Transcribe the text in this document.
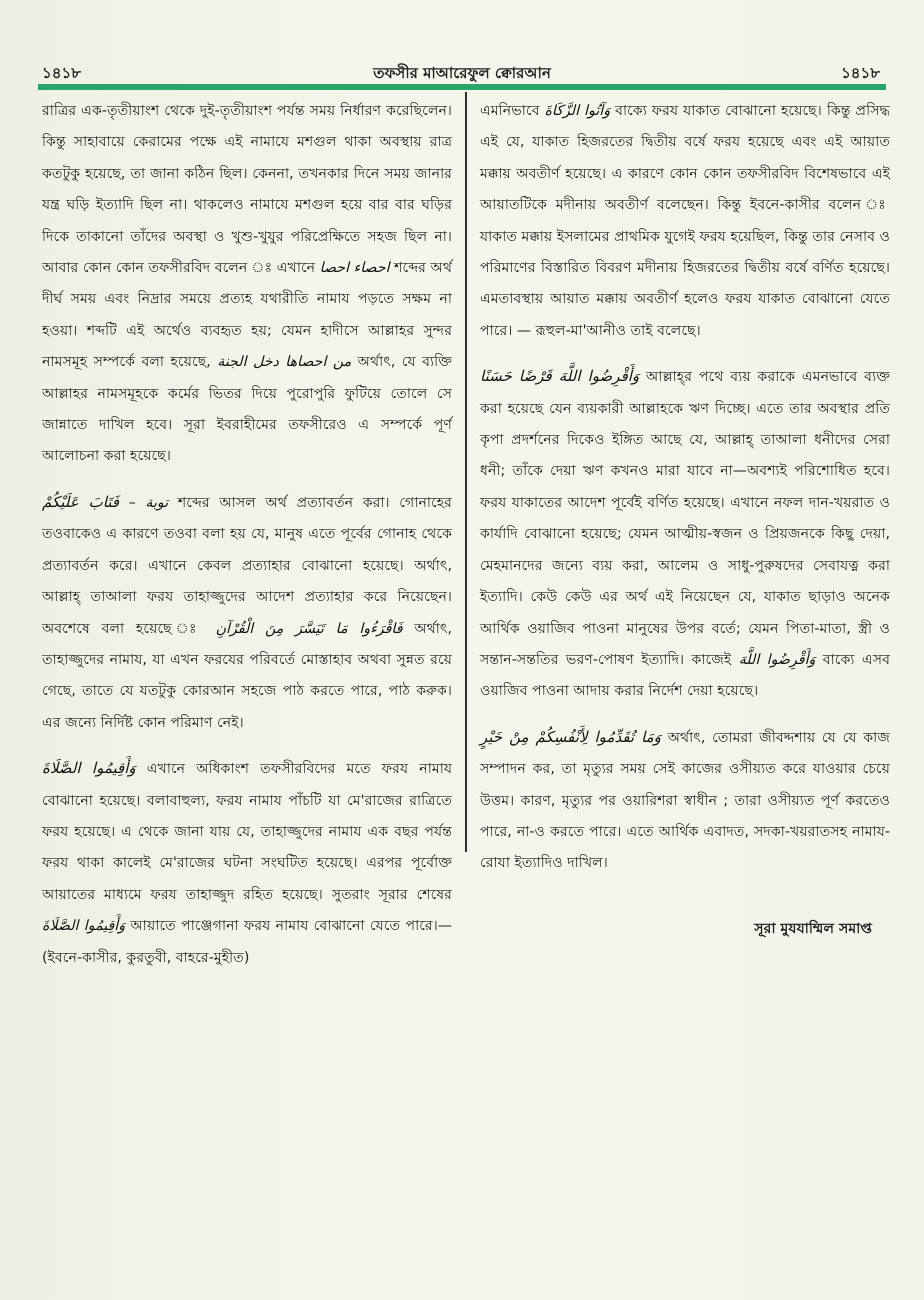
১৪১৮	তফসীর মাআরেফুল ক্বোরআন	১৪১৮

রাত্রির এক-তৃতীয়াংশ থেকে দুই-তৃতীয়াংশ পর্যন্ত সময় নির্ধারণ করেছিলেন। কিন্তু সাহাবায়ে কেরামের পক্ষে এই নামাযে মশগুল থাকা অবস্থায় রাত্র কতটুকু হয়েছে, তা জানা কঠিন ছিল। কেননা, তখনকার দিনে সময় জানার যন্ত্র ঘড়ি ইত্যাদি ছিল না। থাকলেও নামাযে মশগুল হয়ে বার বার ঘড়ির দিকে তাকানো তাঁদের অবস্থা ও খুশু-খুযুর পরিপ্রেক্ষিতে সহজ ছিল না। আবার কোন কোন তফসীরবিদ বলেন ঃ এখানে احصاء احصا শব্দের অর্থ দীর্ঘ সময় এবং নিদ্রার সময়ে প্রত্যহ যথারীতি নামায পড়তে সক্ষম না হওয়া। শব্দটি এই অর্থেও ব্যবহৃত হয়; যেমন হাদীসে আল্লাহর সুন্দর নামসমূহ সম্পর্কে বলা হয়েছে, من احصاها دخل الجنة অর্থাৎ, যে ব্যক্তি আল্লাহর নামসমূহকে কর্মের ভিতর দিয়ে পুরোপুরি ফুটিয়ে তোলে সে জান্নাতে দাখিল হবে। সূরা ইবরাহীমের তফসীরেও এ সম্পর্কে পূর্ণ আলোচনা করা হয়েছে।

فَتَابَ عَلَيْكُمْ – توبة শব্দের আসল অর্থ প্রত্যাবর্তন করা। গোনাহের তওবাকেও এ কারণে তওবা বলা হয় যে, মানুষ এতে পূর্বের গোনাহ থেকে প্রত্যাবর্তন করে। এখানে কেবল প্রত্যাহার বোঝানো হয়েছে। অর্থাৎ, আল্লাহ্ তাআলা ফরয তাহাজ্জুদের আদেশ প্রত্যাহার করে নিয়েছেন। অবশেষে বলা হয়েছে ঃ فَاقْرَءُوا مَا تَيَسَّرَ مِنَ الْقُرْآنِ অর্থাৎ, তাহাজ্জুদের নামায, যা এখন ফরযের পরিবর্তে মোস্তাহাব অথবা সুন্নত রয়ে গেছে, তাতে যে যতটুকু কোরআন সহজে পাঠ করতে পারে, পাঠ করুক। এর জন্যে নির্দিষ্ট কোন পরিমাণ নেই।

وَأَقِيمُوا الصَّلَاةَ এখানে অধিকাংশ তফসীরবিদের মতে ফরয নামায বোঝানো হয়েছে। বলাবাহুল্য, ফরয নামায পাঁচটি যা মে'রাজের রাত্রিতে ফরয হয়েছে। এ থেকে জানা যায় যে, তাহাজ্জুদের নামায এক বছর পর্যন্ত ফরয থাকা কালেই মে'রাজের ঘটনা সংঘটিত হয়েছে। এরপর পূর্বোক্ত আয়াতের মাধ্যমে ফরয তাহাজ্জুদ রহিত হয়েছে। সুতরাং সূরার শেষের وَأَقِيمُوا الصَّلَاةَ আয়াতে পাঞ্জেগানা ফরয নামায বোঝানো যেতে পারে।—(ইবনে-কাসীর, কুরতুবী, বাহরে-মুহীত)

এমনিভাবে وَآتُوا الزَّكَاةَ বাক্যে ফরয যাকাত বোঝানো হয়েছে। কিন্তু প্রসিদ্ধ এই যে, যাকাত হিজরতের দ্বিতীয় বর্ষে ফরয হয়েছে এবং এই আয়াত মক্কায় অবতীর্ণ হয়েছে। এ কারণে কোন কোন তফসীরবিদ বিশেষভাবে এই আয়াতটিকে মদীনায় অবতীর্ণ বলেছেন। কিন্তু ইবনে-কাসীর বলেন ঃ যাকাত মক্কায় ইসলামের প্রাথমিক যুগেই ফরয হয়েছিল, কিন্তু তার নেসাব ও পরিমাণের বিস্তারিত বিবরণ মদীনায় হিজরতের দ্বিতীয় বর্ষে বর্ণিত হয়েছে। এমতাবস্থায় আয়াত মক্কায় অবতীর্ণ হলেও ফরয যাকাত বোঝানো যেতে পারে। — রূহুল-মা'আনীও তাই বলেছে।

وَأَقْرِضُوا اللَّهَ قَرْضًا حَسَنًا আল্লাহ্‌র পথে ব্যয় করাকে এমনভাবে ব্যক্ত করা হয়েছে যেন ব্যয়কারী আল্লাহকে ঋণ দিচ্ছে। এতে তার অবস্থার প্রতি কৃপা প্রদর্শনের দিকেও ইঙ্গিত আছে যে, আল্লাহ্ তাআলা ধনীদের সেরা ধনী; তাঁকে দেয়া ঋণ কখনও মারা যাবে না—অবশ্যই পরিশোধিত হবে। ফরয যাকাতের আদেশ পূর্বেই বর্ণিত হয়েছে। এখানে নফল দান-খয়রাত ও কার্যাদি বোঝানো হয়েছে; যেমন আত্মীয়-স্বজন ও প্রিয়জনকে কিছু দেয়া, মেহমানদের জন্যে ব্যয় করা, আলেম ও সাধু-পুরুষদের সেবাযত্ন করা ইত্যাদি। কেউ কেউ এর অর্থ এই নিয়েছেন যে, যাকাত ছাড়াও অনেক আর্থিক ওয়াজিব পাওনা মানুষের উপর বর্তে; যেমন পিতা-মাতা, স্ত্রী ও সন্তান-সন্ততির ভরণ-পোষণ ইত্যাদি। কাজেই وَأَقْرِضُوا اللَّهَ বাক্যে এসব ওয়াজিব পাওনা আদায় করার নির্দেশ দেয়া হয়েছে।

وَمَا تُقَدِّمُوا لِأَنْفُسِكُمْ مِنْ خَيْرٍ অর্থাৎ, তোমরা জীবদ্দশায় যে যে কাজ সম্পাদন কর, তা মৃত্যুর সময় সেই কাজের ওসীয়্যত করে যাওয়ার চেয়ে উত্তম। কারণ, মৃত্যুর পর ওয়ারিশরা স্বাধীন ; তারা ওসীয়্যত পূর্ণ করতেও পারে, না-ও করতে পারে। এতে আর্থিক এবাদত, সদকা-খয়রাতসহ নামায-রোযা ইত্যাদিও দাখিল।

সূরা মুযযাম্মিল সমাপ্ত
